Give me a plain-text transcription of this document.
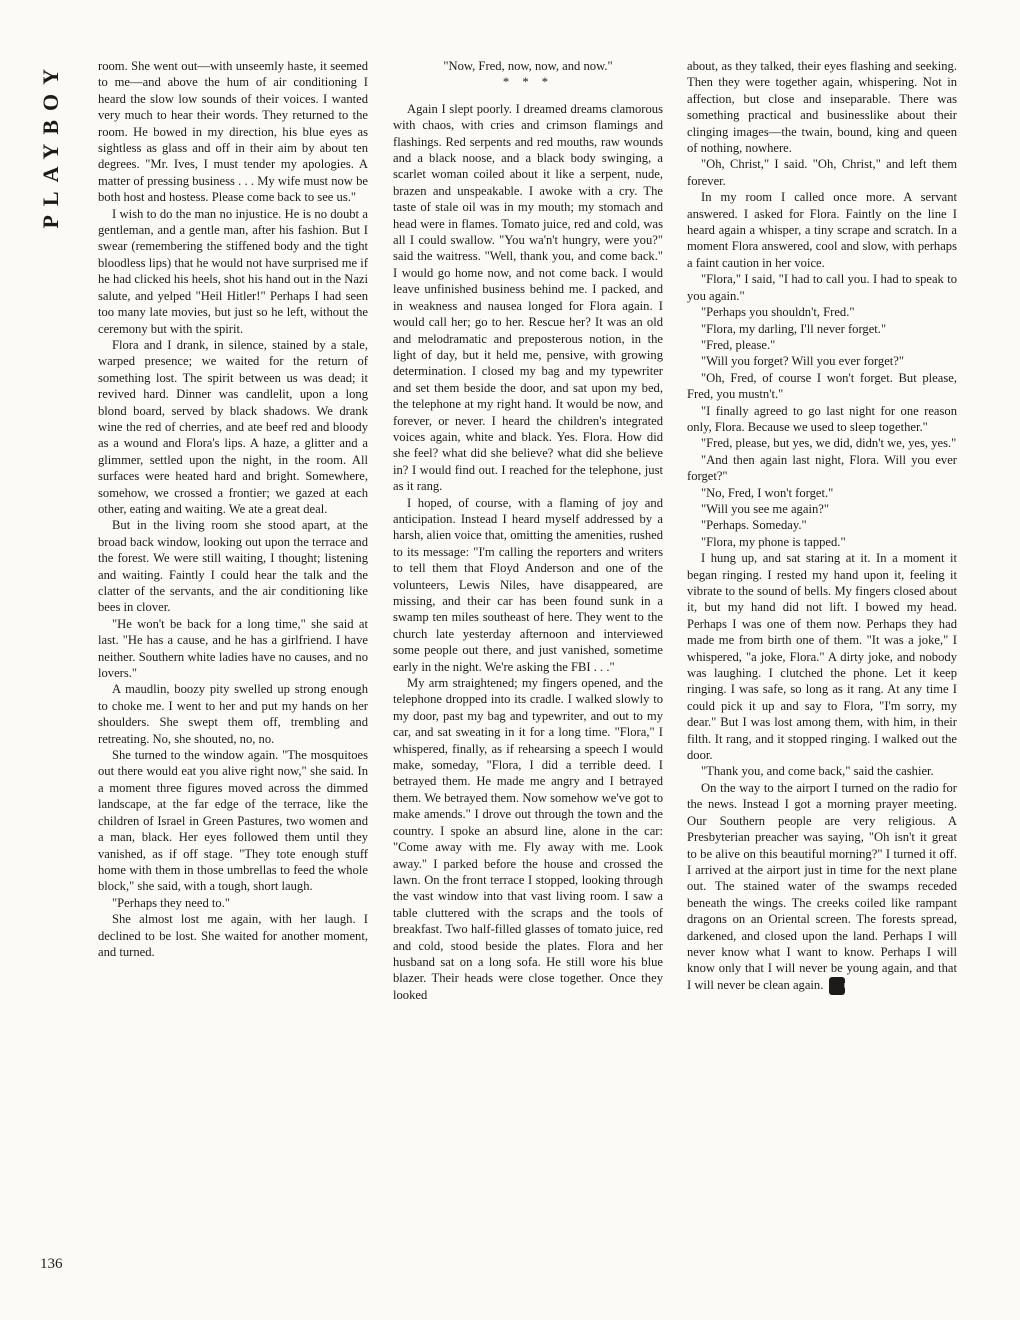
PLAYBOY	room. She went out—with unseemly haste, it seemed to me—and above the hum of air conditioning I heard the slow low sounds of their voices. I wanted very much to hear their words. They returned to the room. He bowed in my direction, his blue eyes as sightless as glass and off in their aim by about ten degrees. "Mr. Ives, I must tender my apologies. A matter of pressing business . . . My wife must now be both host and hostess. Please come back to see us."

I wish to do the man no injustice. He is no doubt a gentleman, and a gentle man, after his fashion. But I swear (remembering the stiffened body and the tight bloodless lips) that he would not have surprised me if he had clicked his heels, shot his hand out in the Nazi salute, and yelped "Heil Hitler!" Perhaps I had seen too many late movies, but just so he left, without the ceremony but with the spirit.

Flora and I drank, in silence, stained by a stale, warped presence; we waited for the return of something lost. The spirit between us was dead; it revived hard. Dinner was candlelit, upon a long blond board, served by black shadows. We drank wine the red of cherries, and ate beef red and bloody as a wound and Flora's lips. A haze, a glitter and a glimmer, settled upon the night, in the room. All surfaces were heated hard and bright. Somewhere, somehow, we crossed a frontier; we gazed at each other, eating and waiting. We ate a great deal.

But in the living room she stood apart, at the broad back window, looking out upon the terrace and the forest. We were still waiting, I thought; listening and waiting. Faintly I could hear the talk and the clatter of the servants, and the air conditioning like bees in clover.

"He won't be back for a long time," she said at last. "He has a cause, and he has a girlfriend. I have neither. Southern white ladies have no causes, and no lovers."

A maudlin, boozy pity swelled up strong enough to choke me. I went to her and put my hands on her shoulders. She swept them off, trembling and retreating. No, she shouted, no, no.

She turned to the window again. "The mosquitoes out there would eat you alive right now," she said. In a moment three figures moved across the dimmed landscape, at the far edge of the terrace, like the children of Israel in Green Pastures, two women and a man, black. Her eyes followed them until they vanished, as if off stage. "They tote enough stuff home with them in those umbrellas to feed the whole block," she said, with a tough, short laugh.

"Perhaps they need to."

She almost lost me again, with her laugh. I declined to be lost. She waited for another moment, and turned.

"Now, Fred, now, now, and now."

* * *

Again I slept poorly. I dreamed dreams clamorous with chaos, with cries and crimson flamings and flashings. Red serpents and red mouths, raw wounds and a black noose, and a black body swinging, a scarlet woman coiled about it like a serpent, nude, brazen and unspeakable. I awoke with a cry. The taste of stale oil was in my mouth; my stomach and head were in flames. Tomato juice, red and cold, was all I could swallow. "You wa'n't hungry, were you?" said the waitress. "Well, thank you, and come back." I would go home now, and not come back. I would leave unfinished business behind me. I packed, and in weakness and nausea longed for Flora again. I would call her; go to her. Rescue her? It was an old and melodramatic and preposterous notion, in the light of day, but it held me, pensive, with growing determination. I closed my bag and my typewriter and set them beside the door, and sat upon my bed, the telephone at my right hand. It would be now, and forever, or never. I heard the children's integrated voices again, white and black. Yes. Flora. How did she feel? what did she believe? what did she believe in? I would find out. I reached for the telephone, just as it rang.

I hoped, of course, with a flaming of joy and anticipation. Instead I heard myself addressed by a harsh, alien voice that, omitting the amenities, rushed to its message: "I'm calling the reporters and writers to tell them that Floyd Anderson and one of the volunteers, Lewis Niles, have disappeared, are missing, and their car has been found sunk in a swamp ten miles southeast of here. They went to the church late yesterday afternoon and interviewed some people out there, and just vanished, sometime early in the night. We're asking the FBI . . ."

My arm straightened; my fingers opened, and the telephone dropped into its cradle. I walked slowly to my door, past my bag and typewriter, and out to my car, and sat sweating in it for a long time. "Flora," I whispered, finally, as if rehearsing a speech I would make, someday, "Flora, I did a terrible deed. I betrayed them. He made me angry and I betrayed them. We betrayed them. Now somehow we've got to make amends." I drove out through the town and the country. I spoke an absurd line, alone in the car: "Come away with me. Fly away with me. Look away." I parked before the house and crossed the lawn. On the front terrace I stopped, looking through the vast window into that vast living room. I saw a table cluttered with the scraps and the tools of breakfast. Two half-filled glasses of tomato juice, red and cold, stood beside the plates. Flora and her husband sat on a long sofa. He still wore his blue blazer. Their heads were close together. Once they looked

about, as they talked, their eyes flashing and seeking. Then they were together again, whispering. Not in affection, but close and inseparable. There was something practical and businesslike about their clinging images—the twain, bound, king and queen of nothing, nowhere.

"Oh, Christ," I said. "Oh, Christ," and left them forever.

In my room I called once more. A servant answered. I asked for Flora. Faintly on the line I heard again a whisper, a tiny scrape and scratch. In a moment Flora answered, cool and slow, with perhaps a faint caution in her voice.

"Flora," I said, "I had to call you. I had to speak to you again."

"Perhaps you shouldn't, Fred."

"Flora, my darling, I'll never forget."

"Fred, please."

"Will you forget? Will you ever forget?"

"Oh, Fred, of course I won't forget. But please, Fred, you mustn't."

"I finally agreed to go last night for one reason only, Flora. Because we used to sleep together."

"Fred, please, but yes, we did, didn't we, yes, yes."

"And then again last night, Flora. Will you ever forget?"

"No, Fred, I won't forget."

"Will you see me again?"

"Perhaps. Someday."

"Flora, my phone is tapped."

I hung up, and sat staring at it. In a moment it began ringing. I rested my hand upon it, feeling it vibrate to the sound of bells. My fingers closed about it, but my hand did not lift. I bowed my head. Perhaps I was one of them now. Perhaps they had made me from birth one of them. "It was a joke," I whispered, "a joke, Flora." A dirty joke, and nobody was laughing. I clutched the phone. Let it keep ringing. I was safe, so long as it rang. At any time I could pick it up and say to Flora, "I'm sorry, my dear." But I was lost among them, with him, in their filth. It rang, and it stopped ringing. I walked out the door.

"Thank you, and come back," said the cashier.

On the way to the airport I turned on the radio for the news. Instead I got a morning prayer meeting. Our Southern people are very religious. A Presbyterian preacher was saying, "Oh isn't it great to be alive on this beautiful morning?" I turned it off. I arrived at the airport just in time for the next plane out. The stained water of the swamps receded beneath the wings. The creeks coiled like rampant dragons on an Oriental screen. The forests spread, darkened, and closed upon the land. Perhaps I will never know what I want to know. Perhaps I will know only that I will never be young again, and that I will never be clean again. ◉

136
